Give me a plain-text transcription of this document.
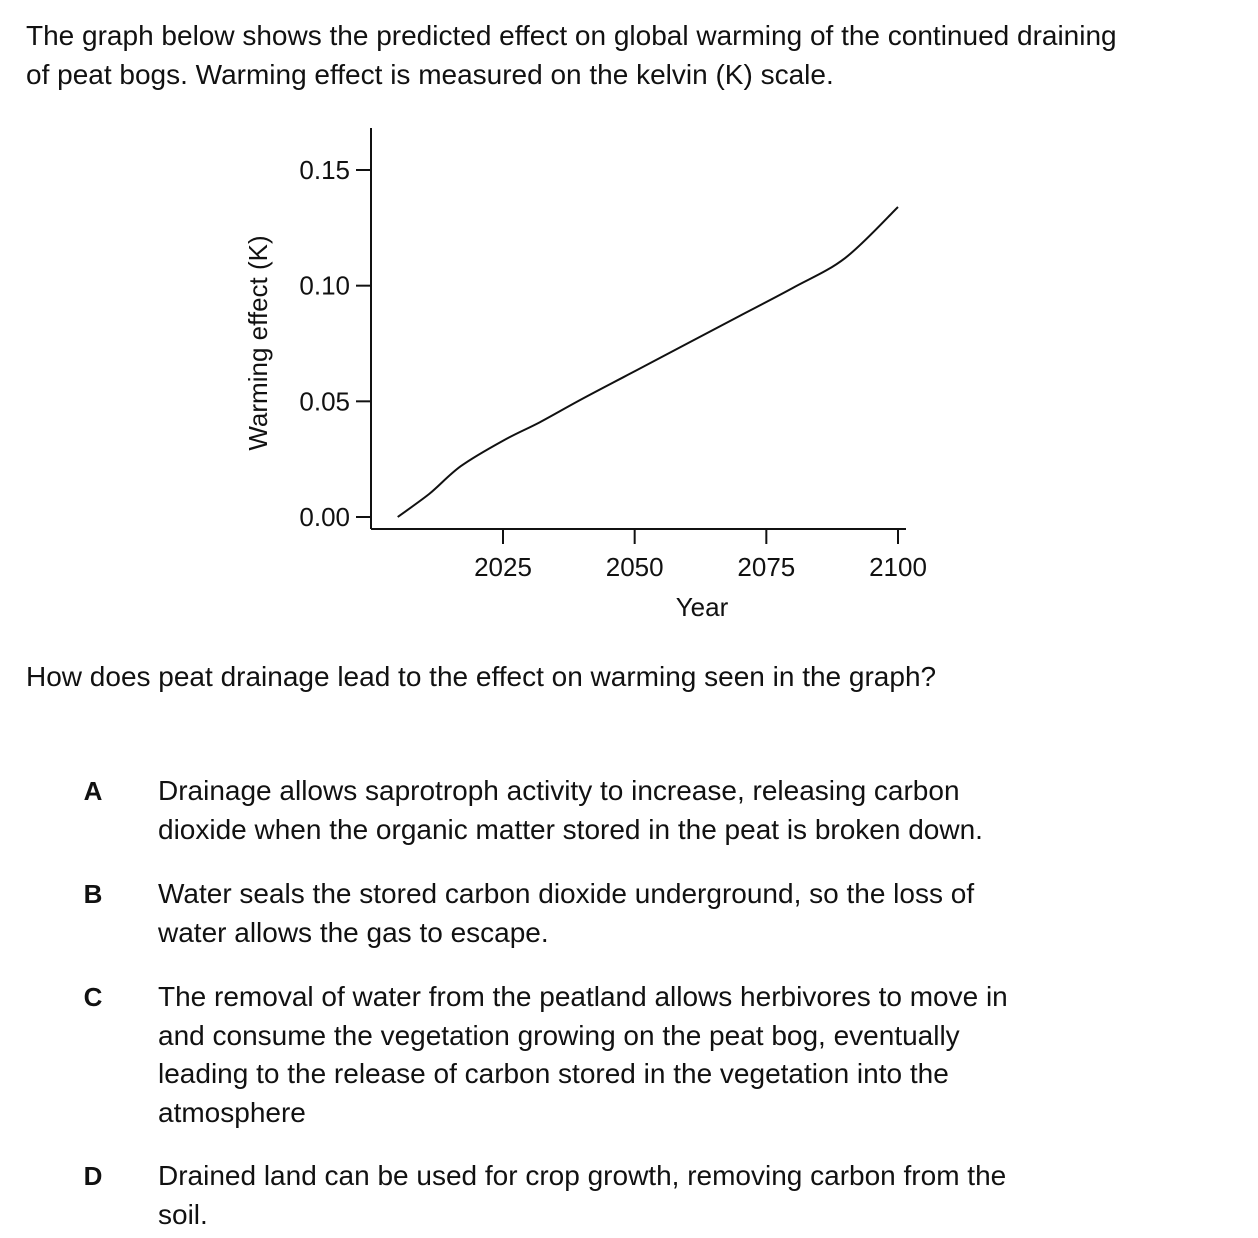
The graph below shows the predicted effect on global warming of the continued draining
of peat bogs. Warming effect is measured on the kelvin (K) scale.
0.00
0.05
0.10
0.15
2025	2050	2075	2100
Warming effect (K)
Year
How does peat drainage lead to the effect on warming seen in the graph?
A Drainage allows saprotroph activity to increase, releasing carbon
dioxide when the organic matter stored in the peat is broken down.
B Water seals the stored carbon dioxide underground, so the loss of
water allows the gas to escape.
C The removal of water from the peatland allows herbivores to move in
and consume the vegetation growing on the peat bog, eventually
leading to the release of carbon stored in the vegetation into the
atmosphere
D Drained land can be used for crop growth, removing carbon from the
soil.
